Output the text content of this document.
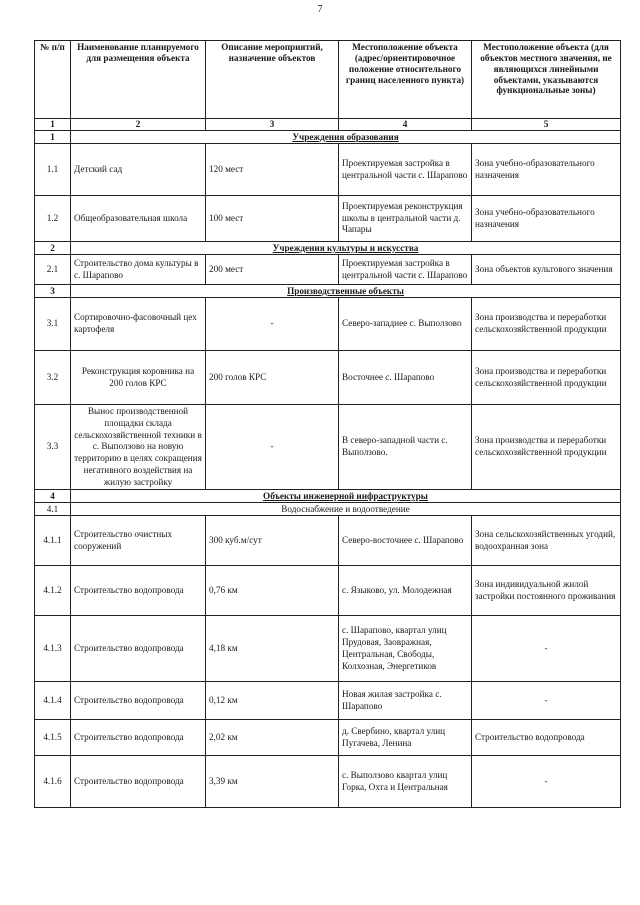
7
№ п/п	Наименование планируемого для размещения объекта	Описание мероприятий, назначение объектов	Местоположение объекта (адрес/ориентировочное положение относительного границ населенного пункта)	Местоположение объекта (для объектов местного значения, не являющихся линейными объектами, указываются функциональные зоны)
1	2	3	4	5
1	Учреждения образования			
1.1	Детский сад	120 мест	Проектируемая застройка в центральной части с. Шарапово	Зона учебно-образовательного назначения
1.2	Общеобразовательная школа	100 мест	Проектируемая реконструкция школы в центральной части д. Чапары	Зона учебно-образовательного назначения
2	Учреждения культуры и искусства			
2.1	Строительство дома культуры в с. Шарапово	200 мест	Проектируемая застройка в центральной части с. Шарапово	Зона объектов культового значения
3	Производственные объекты			
3.1	Сортировочно-фасовочный цех картофеля	-	Северо-западнее с. Выползово	Зона производства и переработки сельскохозяйственной продукции
3.2	Реконструкция коровника на 200 голов КРС	200 голов КРС	Восточнее с. Шарапово	Зона производства и переработки сельскохозяйственной продукции
3.3	Вынос производственной площадки склада сельскохозяйственной техники в с. Выползово на новую территорию в целях сокращения негативного воздействия на жилую застройку	-	В северо-западной части с. Выползово.	Зона производства и переработки сельскохозяйственной продукции
4	Объекты инженерной инфраструктуры			
4.1	Водоснабжение и водоотведение			
4.1.1	Строительство очистных сооружений	300 куб.м/сут	Северо-восточнее с. Шарапово	Зона сельскохозяйственных угодий, водоохранная зона
4.1.2	Строительство водопровода	0,76 км	с. Языково, ул. Молодежная	Зона индивидуальной жилой застройки постоянного проживания
4.1.3	Строительство водопровода	4,18 км	с. Шарапово, квартал улиц Прудовая, Заовражная, Центральная, Свободы, Колхозная, Энергетиков	-
4.1.4	Строительство водопровода	0,12 км	Новая жилая застройка с. Шарапово	-
4.1.5	Строительство водопровода	2,02 км	д. Свербино, квартал улиц Пугачева, Ленина	Строительство водопровода
4.1.6	Строительство водопровода	3,39 км	с. Выползово квартал улиц Горка, Охта и Центральная	-
